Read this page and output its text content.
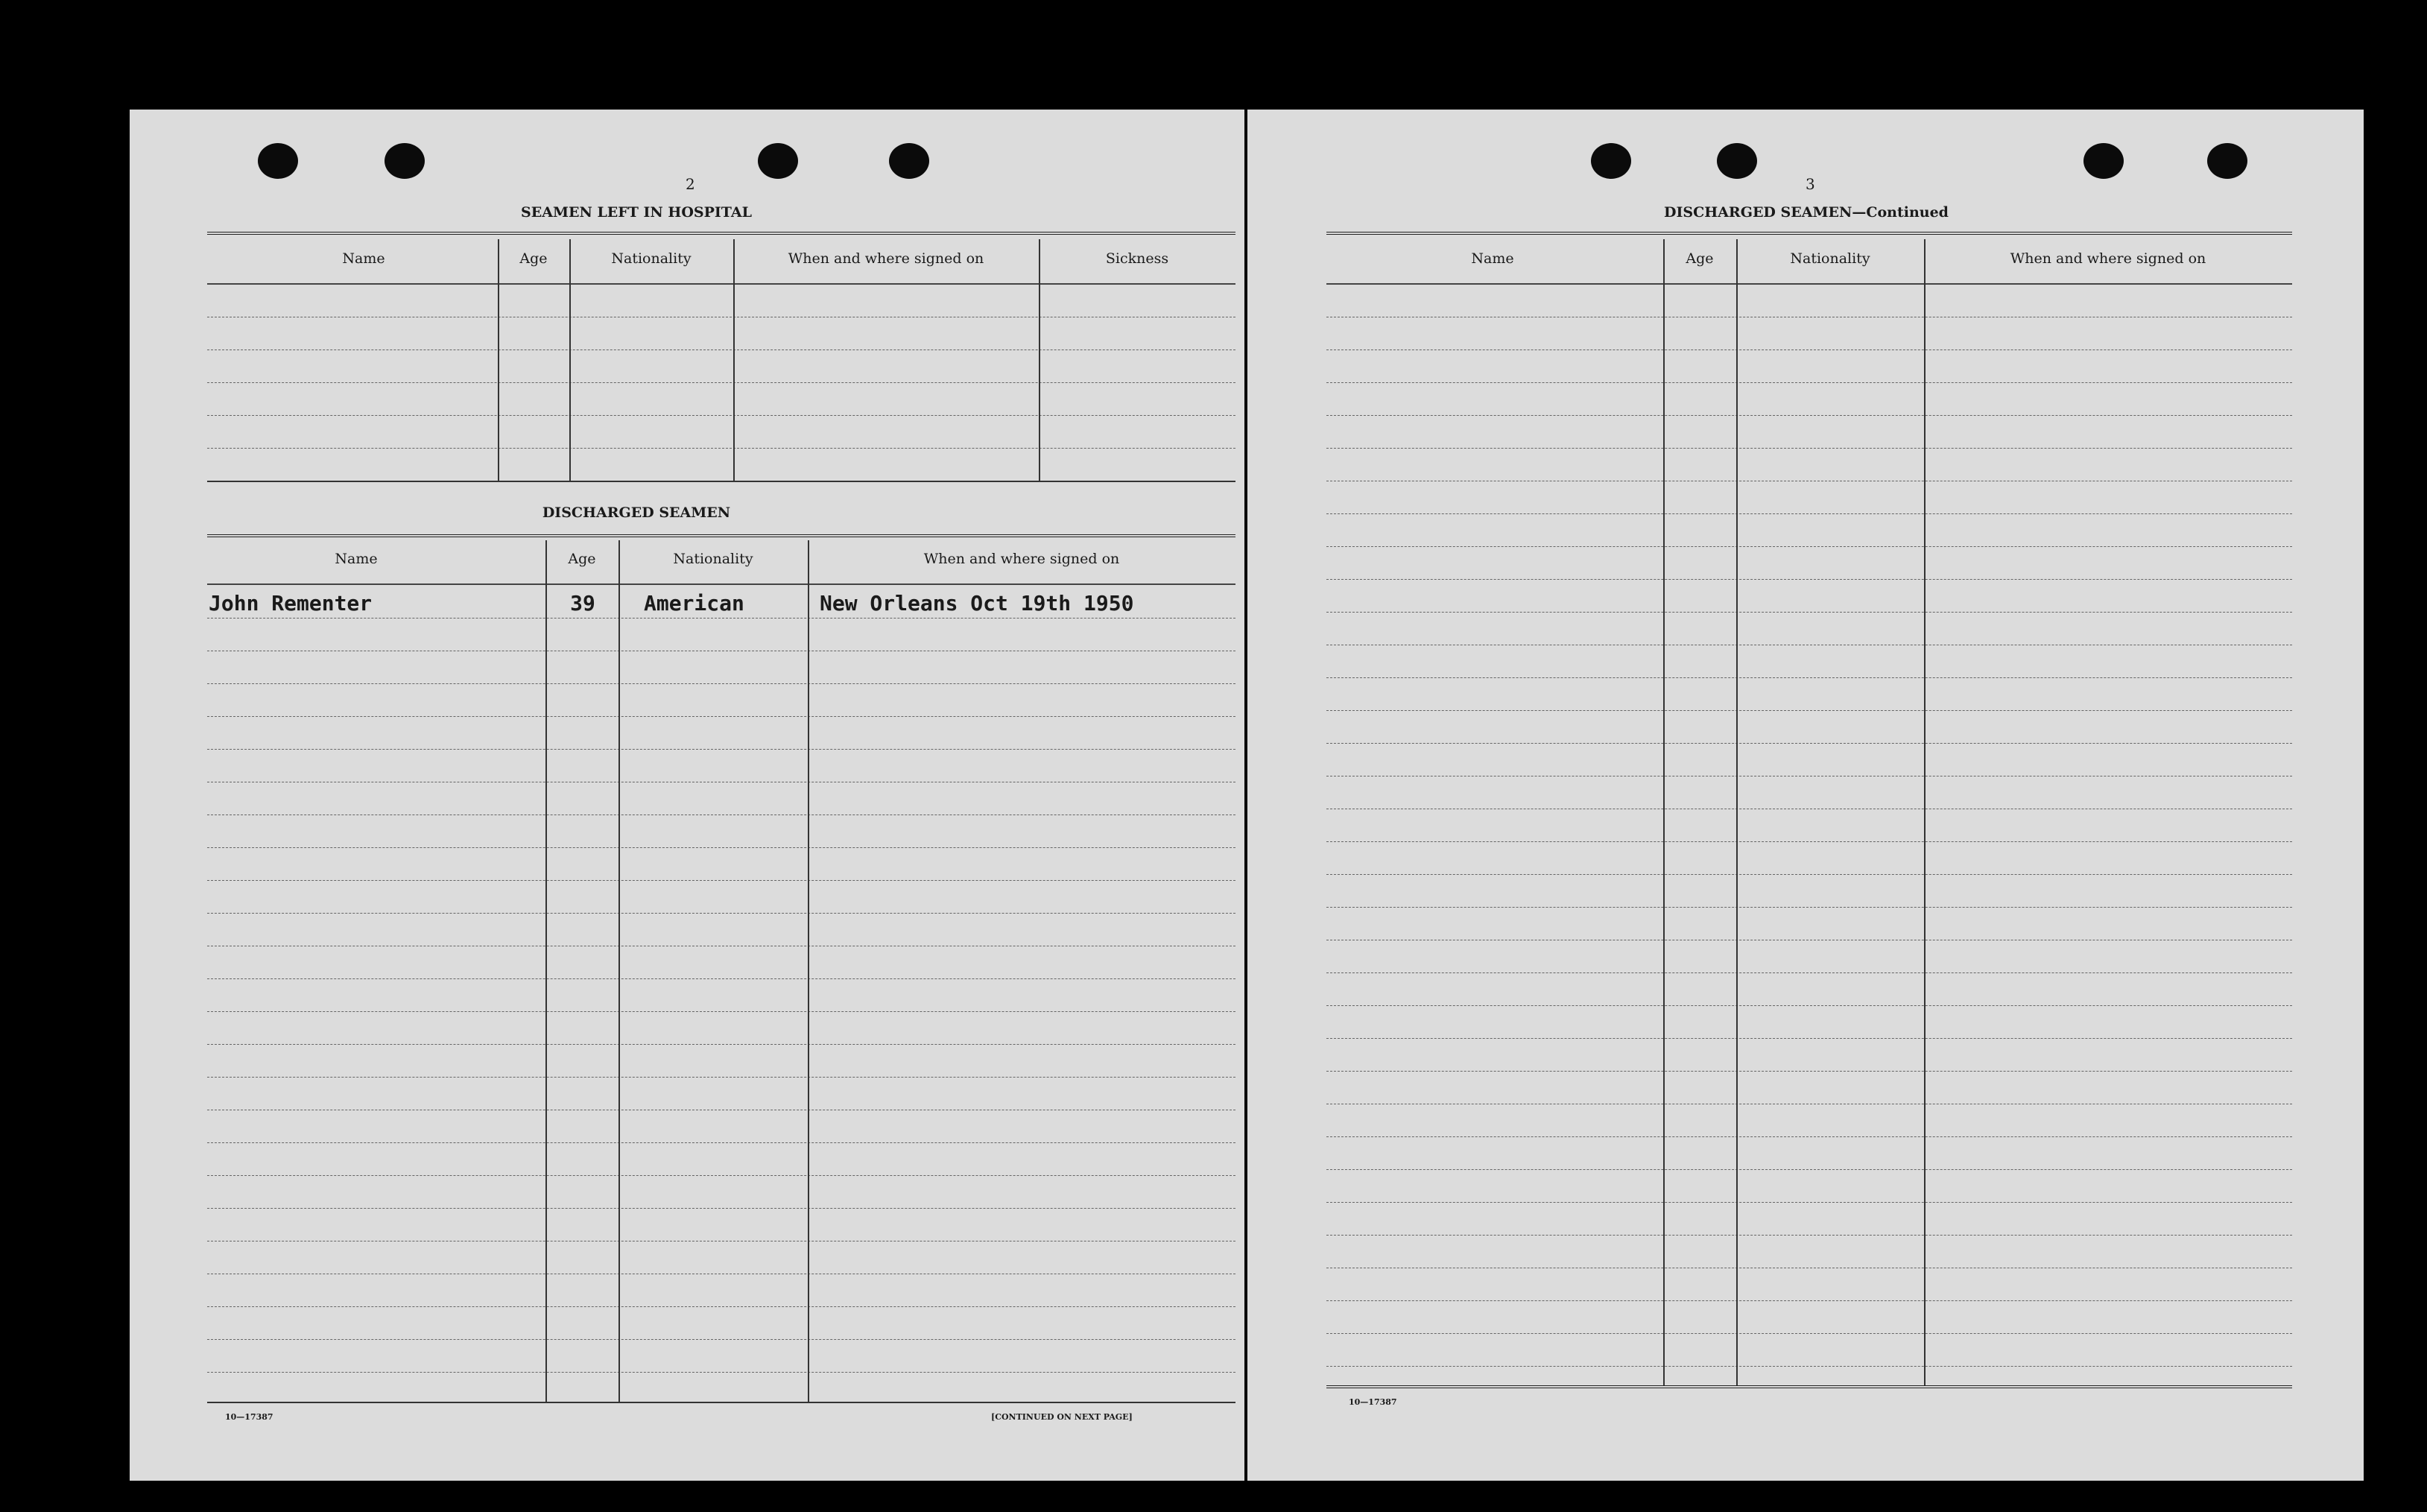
2
SEAMEN LEFT IN HOSPITAL
Name	Age	Nationality	When and where signed on	Sickness
DISCHARGED SEAMEN
Name	Age	Nationality	When and where signed on
John Rementer	39	American	New Orleans Oct 19th 1950
10—17387	[CONTINUED ON NEXT PAGE]
3
DISCHARGED SEAMEN—Continued
Name	Age	Nationality	When and where signed on
10—17387
